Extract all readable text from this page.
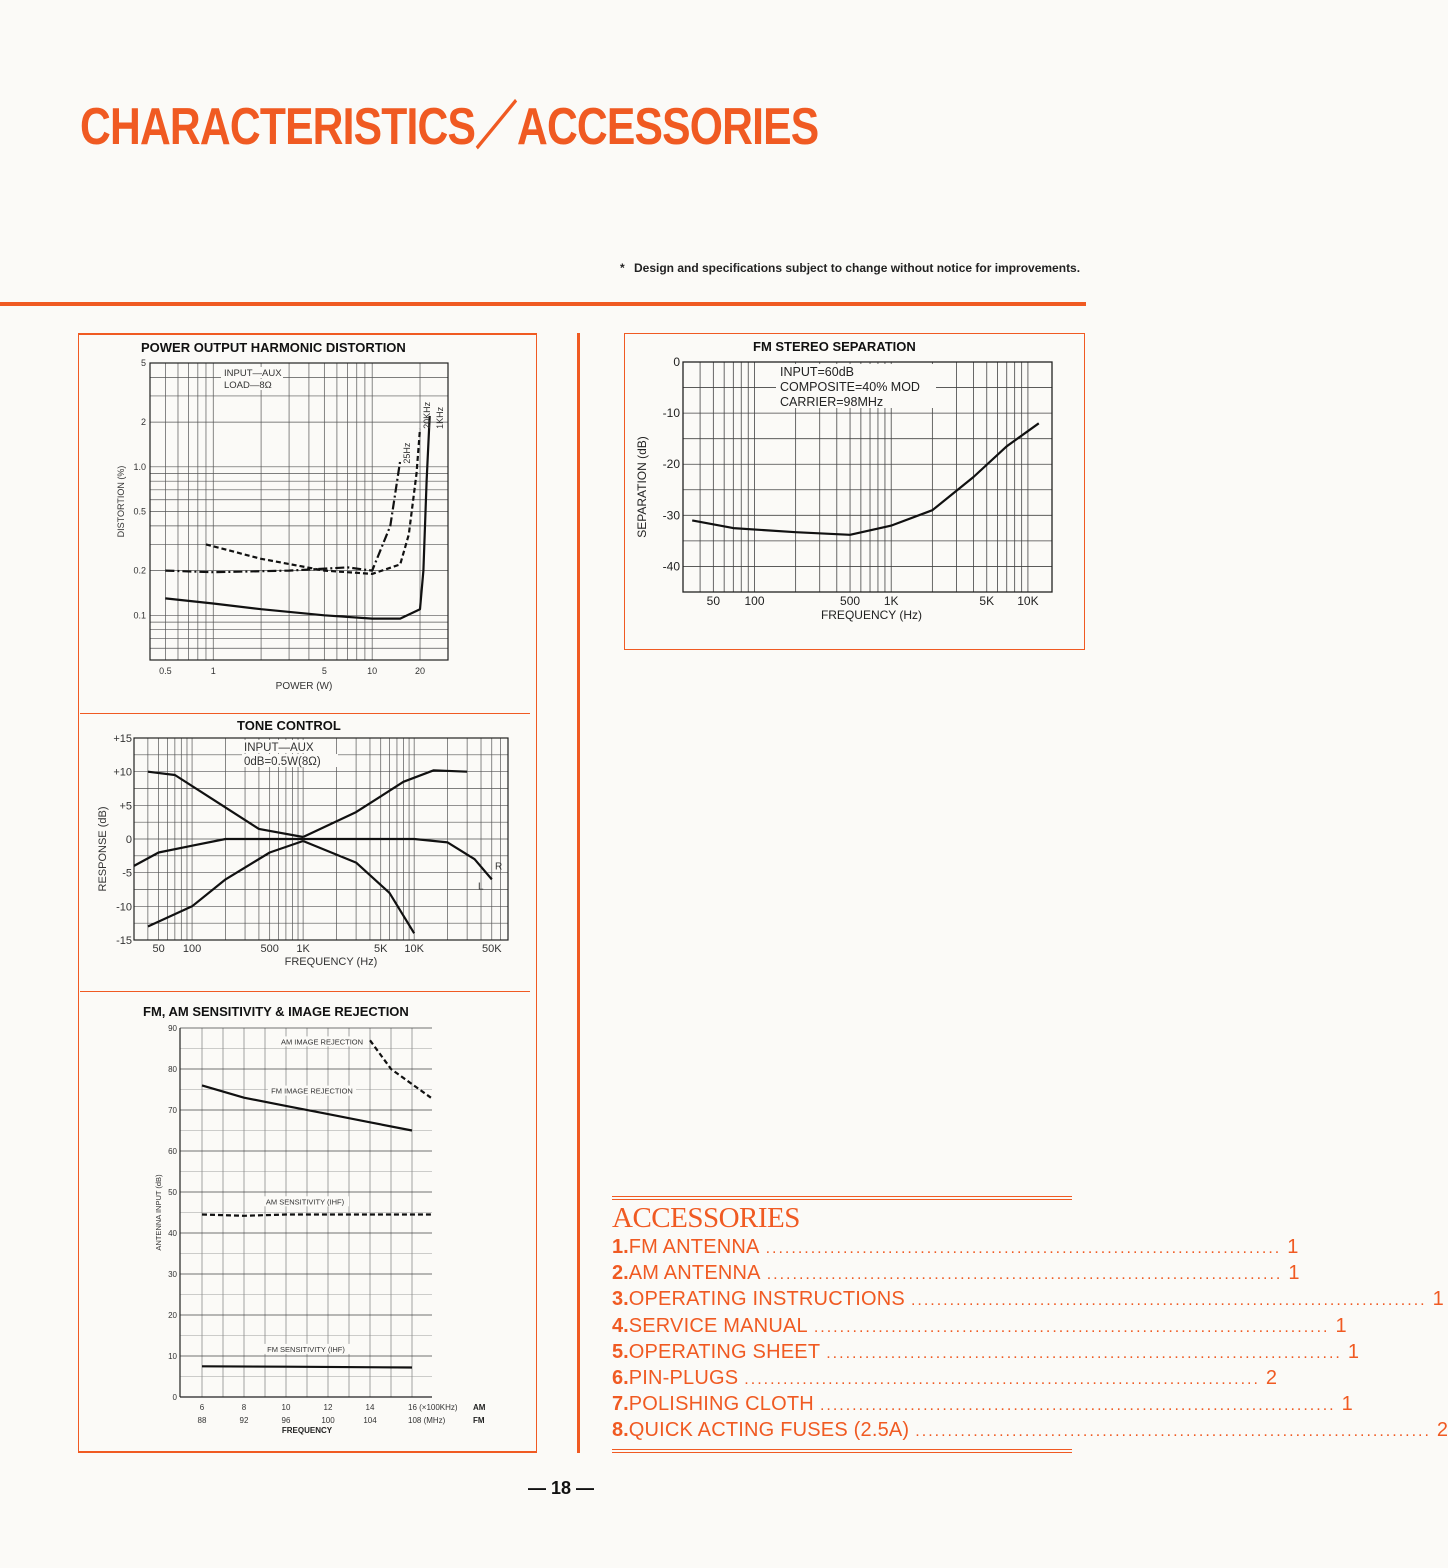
CHARACTERISTICS／ACCESSORIES
* Design and specifications subject to change without notice for improvements.
POWER OUTPUT HARMONIC DISTORTION
0.5	1	5	10	20
5
2
1.0
0.5
0.2
0.1
POWER (W)
DISTORTION (%)
INPUT—AUX
LOAD—8Ω
1KHz
20KHz
25Hz
TONE CONTROL
50 100	500 1K	5K 10K	50K
+15
+10
+5
0
-5
-10
-15
FREQUENCY (Hz)
RESPONSE (dB)
INPUT—AUX
0dB=0.5W(8Ω)
L
R
FM, AM SENSITIVITY & IMAGE REJECTION
90
80
70
60
50
40
30
20
10
0
6	8	10	12	14	16 (×100KHz)
88	92	96	100	104	108 (MHz)
AM
FM
FREQUENCY
ANTENNA INPUT (dB)
AM IMAGE REJECTION
FM IMAGE REJECTION
AM SENSITIVITY (IHF)
FM SENSITIVITY (IHF)
FM STEREO SEPARATION
50 100	500 1K	5K 10K
0
-10
-20
-30
-40
FREQUENCY (Hz)
SEPARATION (dB)
INPUT=60dB
COMPOSITE=40% MOD
CARRIER=98MHz
ACCESSORIES
1. FM ANTENNA ................................................................................ 1
2. AM ANTENNA ................................................................................ 1
3. OPERATING INSTRUCTIONS ................................................................................ 1
4. SERVICE MANUAL ................................................................................ 1
5. OPERATING SHEET ................................................................................ 1
6. PIN-PLUGS ................................................................................ 2
7. POLISHING CLOTH ................................................................................ 1
8. QUICK ACTING FUSES (2.5A) ................................................................................ 2
— 18 —
